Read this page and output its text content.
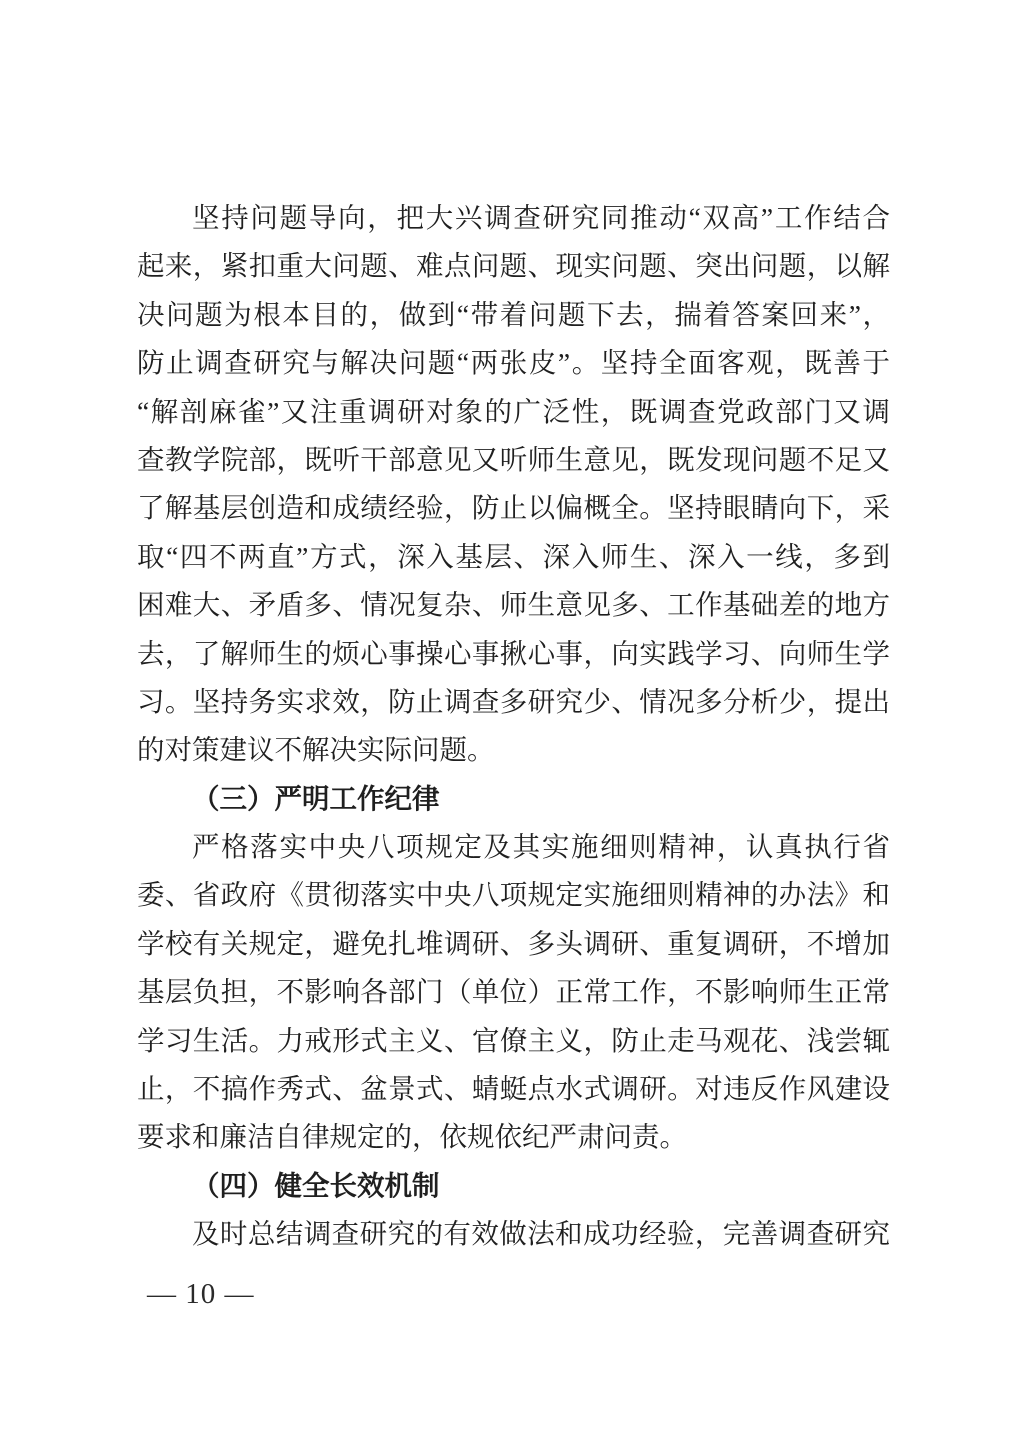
坚持问题导向，把大兴调查研究同推动“双高”工作结合
起来，紧扣重大问题、难点问题、现实问题、突出问题，以解
决问题为根本目的，做到“带着问题下去，揣着答案回来”，
防止调查研究与解决问题“两张皮”。坚持全面客观，既善于
“解剖麻雀”又注重调研对象的广泛性，既调查党政部门又调
查教学院部，既听干部意见又听师生意见，既发现问题不足又
了解基层创造和成绩经验，防止以偏概全。坚持眼睛向下，采
取“四不两直”方式，深入基层、深入师生、深入一线，多到
困难大、矛盾多、情况复杂、师生意见多、工作基础差的地方
去，了解师生的烦心事操心事揪心事，向实践学习、向师生学
习。坚持务实求效，防止调查多研究少、情况多分析少，提出
的对策建议不解决实际问题。
（三）严明工作纪律
严格落实中央八项规定及其实施细则精神，认真执行省
委、省政府《贯彻落实中央八项规定实施细则精神的办法》和
学校有关规定，避免扎堆调研、多头调研、重复调研，不增加
基层负担，不影响各部门（单位）正常工作，不影响师生正常
学习生活。力戒形式主义、官僚主义，防止走马观花、浅尝辄
止，不搞作秀式、盆景式、蜻蜓点水式调研。对违反作风建设
要求和廉洁自律规定的，依规依纪严肃问责。
（四）健全长效机制
及时总结调查研究的有效做法和成功经验，完善调查研究
— 10 —
